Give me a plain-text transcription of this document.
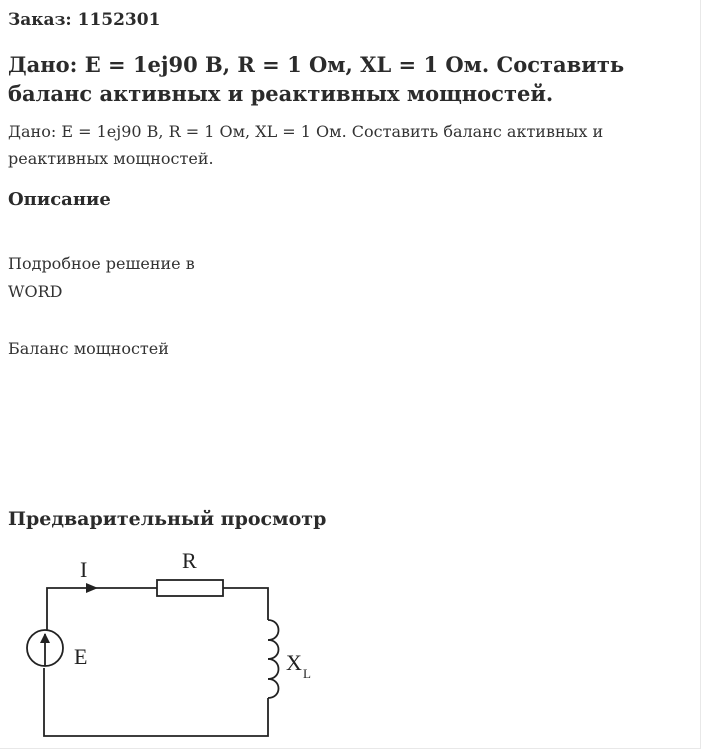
Заказ: 1152301
Дано: E = 1ej90 В, R = 1 Ом, XL = 1 Ом. Составить баланс активных и реактивных мощностей.
Дано: E = 1ej90 В, R = 1 Ом, XL = 1 Ом. Составить баланс активных и реактивных мощностей.
Описание
Подробное решение в
WORD
Баланс мощностей
Предварительный просмотр
I	R
E	X L
